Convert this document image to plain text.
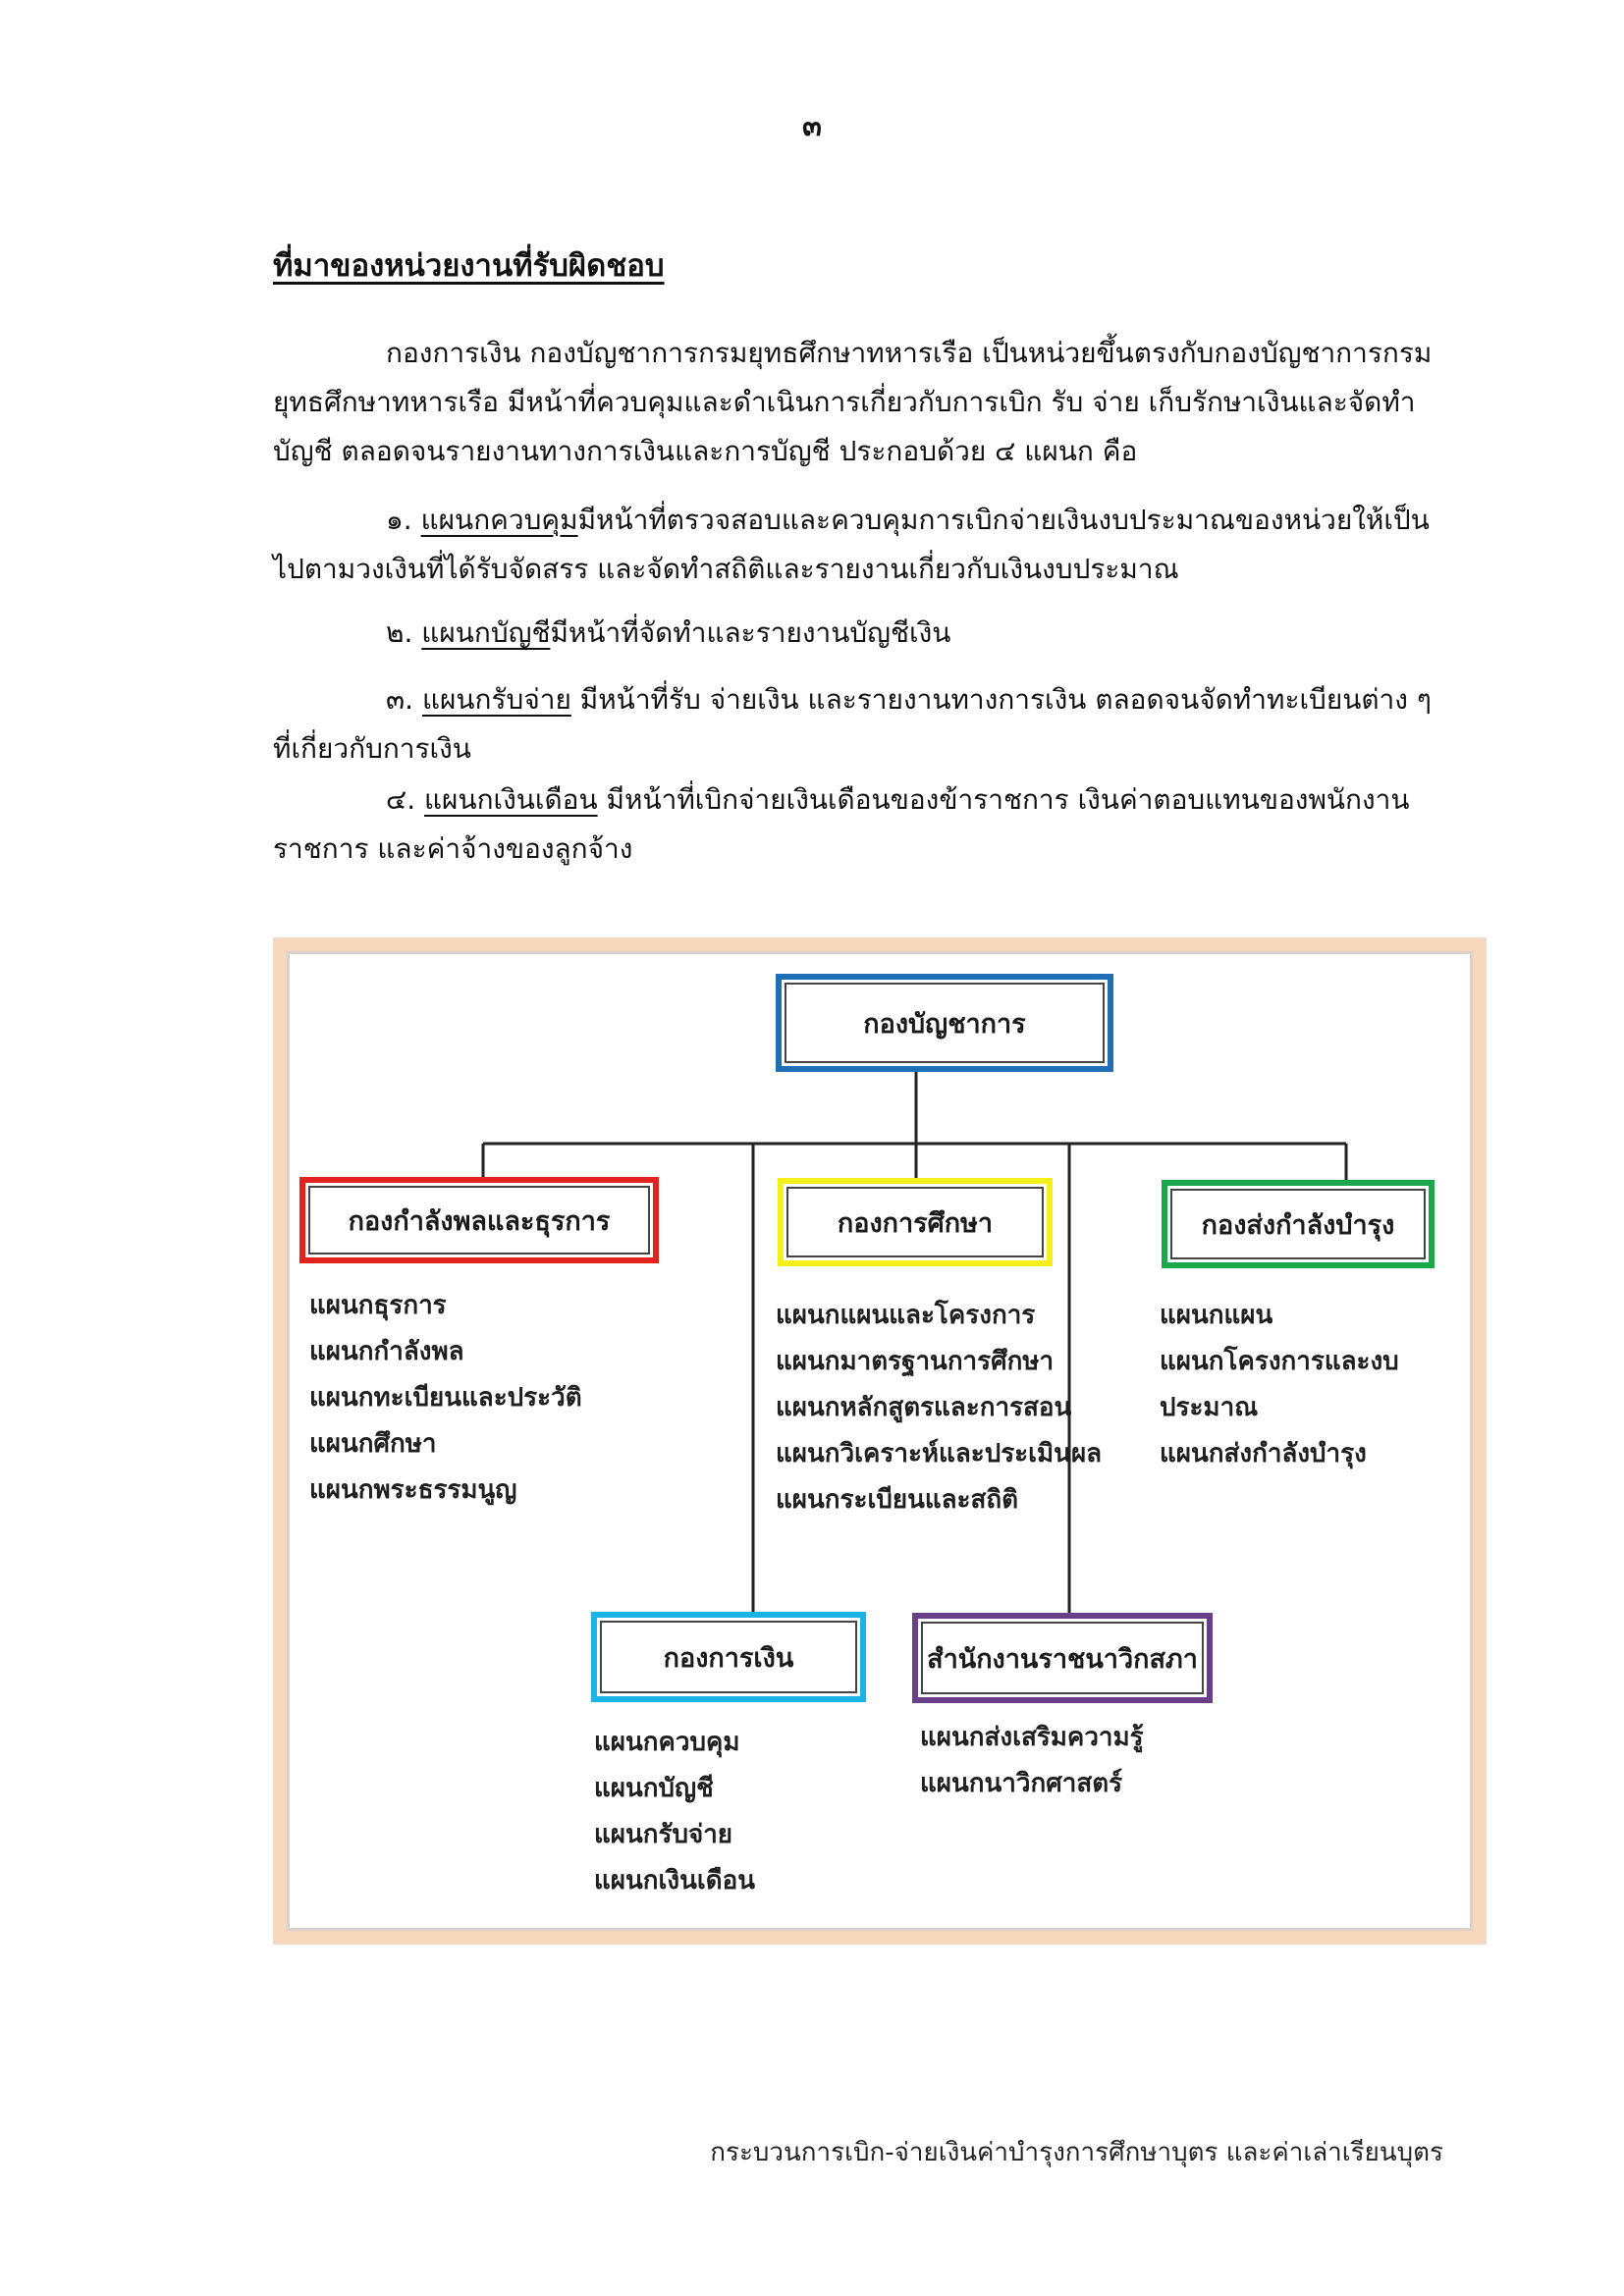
๓
ที่มาของหน่วยงานที่รับผิดชอบ
กองการเงิน กองบัญชาการกรมยุทธศึกษาทหารเรือ เป็นหน่วยขึ้นตรงกับกองบัญชาการกรมยุทธศึกษาทหารเรือ มีหน้าที่ควบคุมและดำเนินการเกี่ยวกับการเบิก รับ จ่าย เก็บรักษาเงินและจัดทำบัญชี ตลอดจนรายงานทางการเงินและการบัญชี ประกอบด้วย ๔ แผนก คือ
๑. แผนกควบคุมมีหน้าที่ตรวจสอบและควบคุมการเบิกจ่ายเงินงบประมาณของหน่วยให้เป็นไปตามวงเงินที่ได้รับจัดสรร และจัดทำสถิติและรายงานเกี่ยวกับเงินงบประมาณ
๒. แผนกบัญชีมีหน้าที่จัดทำและรายงานบัญชีเงิน
๓. แผนกรับจ่าย มีหน้าที่รับ จ่ายเงิน และรายงานทางการเงิน ตลอดจนจัดทำทะเบียนต่าง ๆ ที่เกี่ยวกับการเงิน
๔. แผนกเงินเดือน มีหน้าที่เบิกจ่ายเงินเดือนของข้าราชการ เงินค่าตอบแทนของพนักงานราชการ และค่าจ้างของลูกจ้าง
กองบัญชาการ
กองกำลังพลและธุรการ
แผนกธุรการ
แผนกกำลังพล
แผนกทะเบียนและประวัติ
แผนกศึกษา
แผนกพระธรรมนูญ
กองการศึกษา
แผนกแผนและโครงการ
แผนกมาตรฐานการศึกษา
แผนกหลักสูตรและการสอน
แผนกวิเคราะห์และประเมินผล
แผนกระเบียนและสถิติ
กองส่งกำลังบำรุง
แผนกแผน
แผนกโครงการและงบประมาณ
แผนกส่งกำลังบำรุง
กองการเงิน
แผนกควบคุม
แผนกบัญชี
แผนกรับจ่าย
แผนกเงินเดือน
สำนักงานราชนาวิกสภา
แผนกส่งเสริมความรู้
แผนกนาวิกศาสตร์
กระบวนการเบิก-จ่ายเงินค่าบำรุงการศึกษาบุตร และค่าเล่าเรียนบุตร
